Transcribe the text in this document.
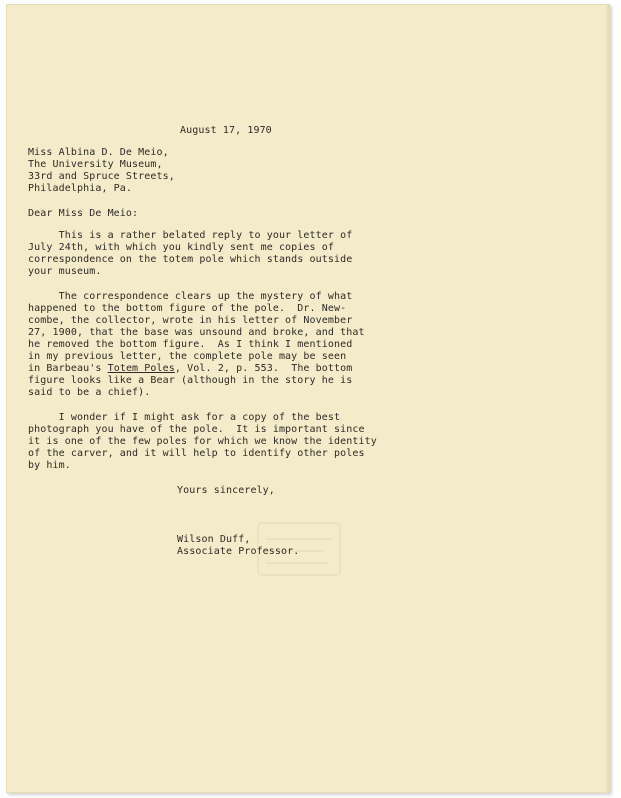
August 17, 1970
Miss Albina D. De Meio,
The University Museum,
33rd and Spruce Streets,
Philadelphia, Pa.
Dear Miss De Meio:
This is a rather belated reply to your letter of
July 24th, with which you kindly sent me copies of
correspondence on the totem pole which stands outside
your museum.
The correspondence clears up the mystery of what
happened to the bottom figure of the pole.  Dr. New-
combe, the collector, wrote in his letter of November
27, 1900, that the base was unsound and broke, and that
he removed the bottom figure.  As I think I mentioned
in my previous letter, the complete pole may be seen
in Barbeau's Totem Poles, Vol. 2, p. 553.  The bottom
figure looks like a Bear (although in the story he is
said to be a chief).
I wonder if I might ask for a copy of the best
photograph you have of the pole.  It is important since
it is one of the few poles for which we know the identity
of the carver, and it will help to identify other poles
by him.
Yours sincerely,
Wilson Duff,
Associate Professor.
